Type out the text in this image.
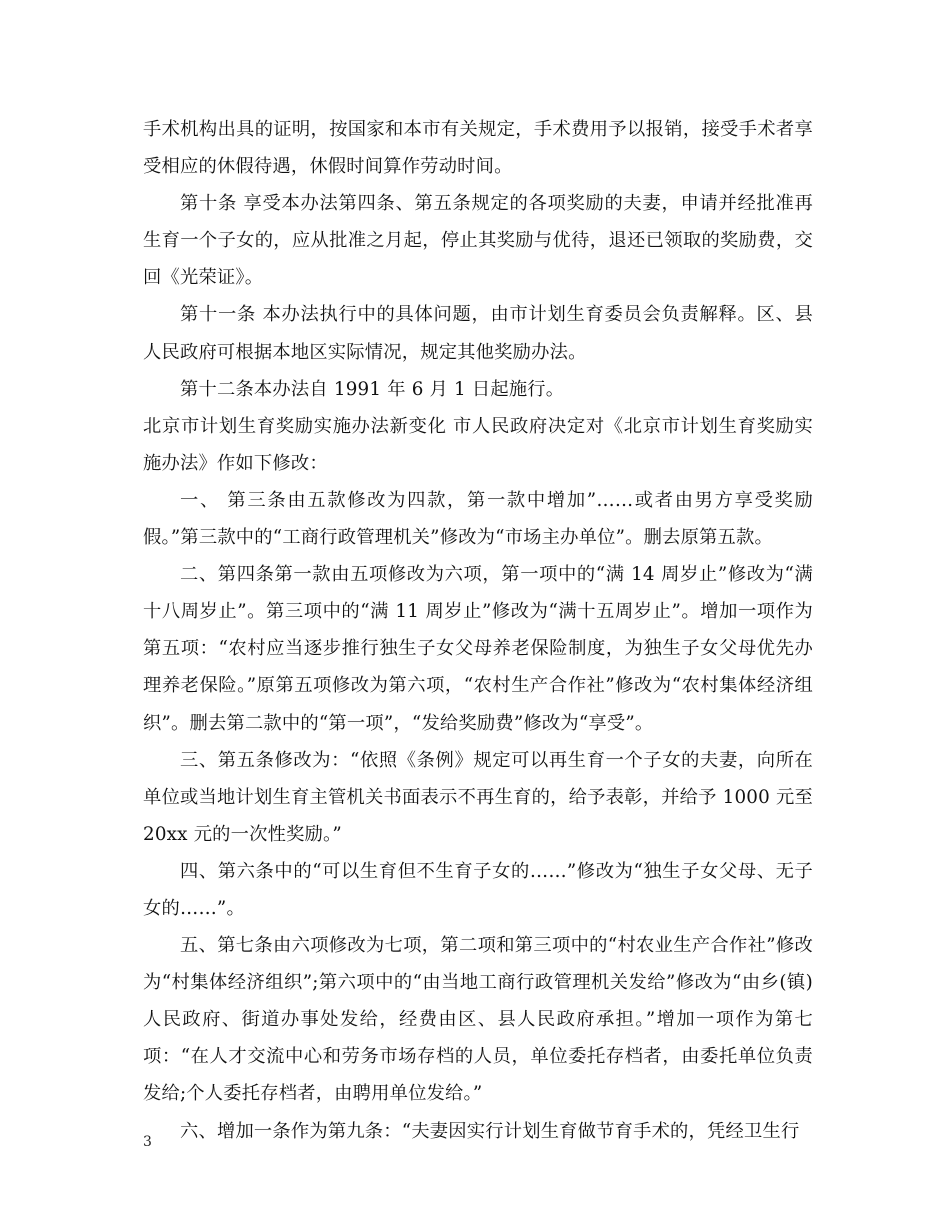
手术机构出具的证明，按国家和本市有关规定，手术费用予以报销，接受手术者享受相应的休假待遇，休假时间算作劳动时间。

第十条 享受本办法第四条、第五条规定的各项奖励的夫妻，申请并经批准再生育一个子女的，应从批准之月起，停止其奖励与优待，退还已领取的奖励费，交回《光荣证》。

第十一条 本办法执行中的具体问题，由市计划生育委员会负责解释。区、县人民政府可根据本地区实际情况，规定其他奖励办法。

第十二条本办法自 1991 年 6 月 1 日起施行。

北京市计划生育奖励实施办法新变化 市人民政府决定对《北京市计划生育奖励实施办法》作如下修改：

一、 第三条由五款修改为四款，第一款中增加”……或者由男方享受奖励假。”第三款中的“工商行政管理机关”修改为“市场主办单位”。删去原第五款。

二、第四条第一款由五项修改为六项，第一项中的“满 14 周岁止”修改为“满十八周岁止”。第三项中的“满 11 周岁止”修改为“满十五周岁止”。增加一项作为第五项：“农村应当逐步推行独生子女父母养老保险制度，为独生子女父母优先办理养老保险。”原第五项修改为第六项，“农村生产合作社”修改为“农村集体经济组织”。删去第二款中的“第一项”，“发给奖励费”修改为“享受”。

三、第五条修改为：“依照《条例》规定可以再生育一个子女的夫妻，向所在单位或当地计划生育主管机关书面表示不再生育的，给予表彰，并给予 1000 元至 20xx 元的一次性奖励。”

四、第六条中的“可以生育但不生育子女的……”修改为“独生子女父母、无子女的……”。

五、第七条由六项修改为七项，第二项和第三项中的“村农业生产合作社”修改为“村集体经济组织”;第六项中的“由当地工商行政管理机关发给”修改为“由乡(镇)人民政府、街道办事处发给，经费由区、县人民政府承担。”增加一项作为第七项：“在人才交流中心和劳务市场存档的人员，单位委托存档者，由委托单位负责发给;个人委托存档者，由聘用单位发给。”

六、增加一条作为第九条：“夫妻因实行计划生育做节育手术的，凭经卫生行

3
